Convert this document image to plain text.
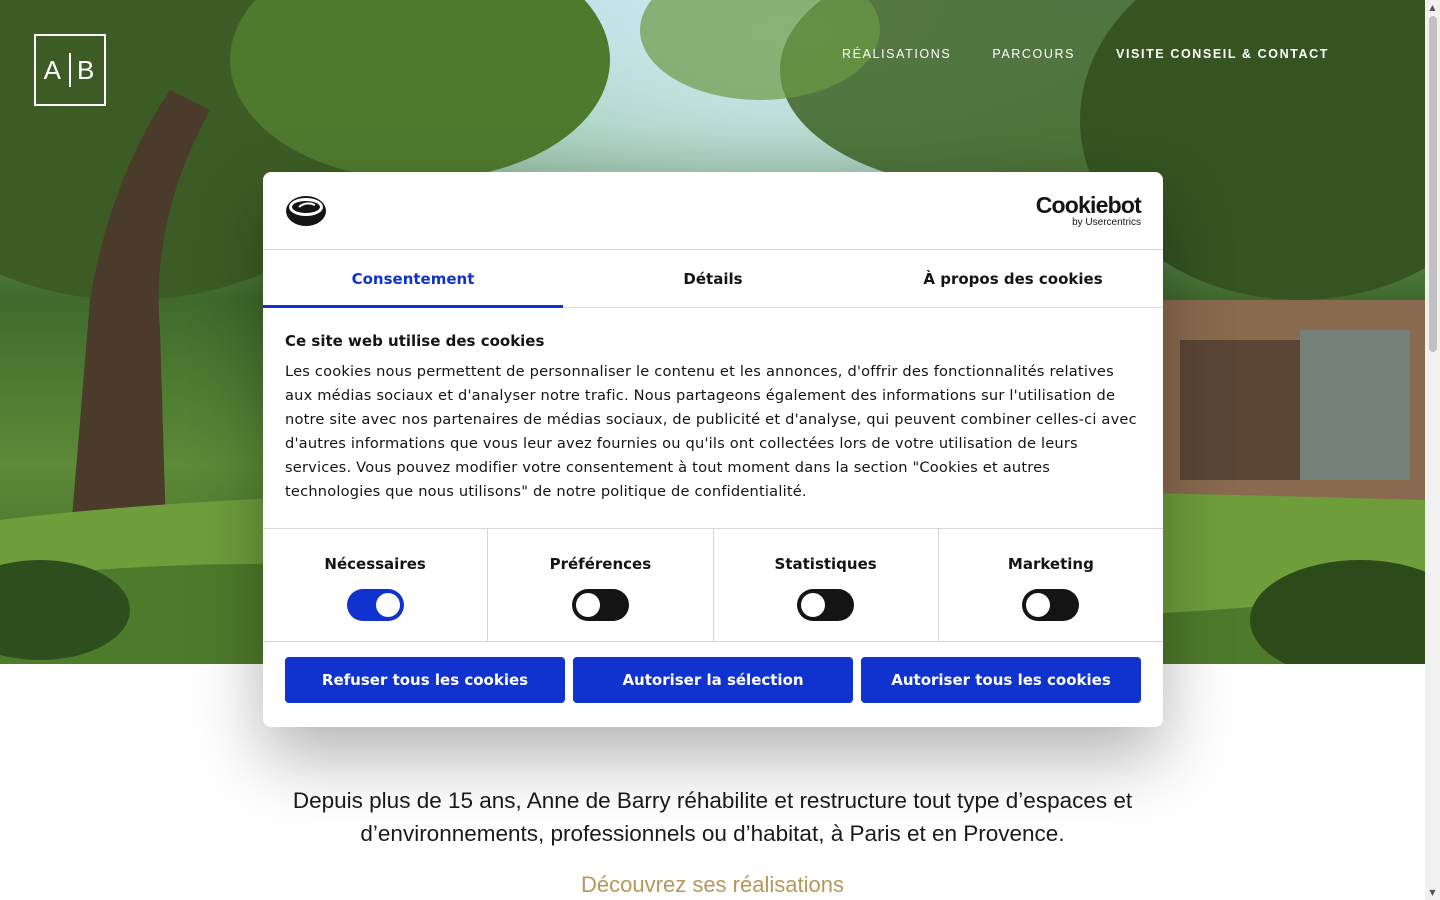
A B
RÉALISATIONS	PARCOURS	VISITE CONSEIL & CONTACT
Depuis plus de 15 ans, Anne de Barry réhabilite et restructure tout type d’espaces et d’environnements, professionnels ou d’habitat, à Paris et en Provence.
Découvrez ses réalisations
▲
▼
Cookiebot
by Usercentrics
Consentement	Détails	À propos des cookies
Ce site web utilise des cookies

Les cookies nous permettent de personnaliser le contenu et les annonces, d'offrir des fonctionnalités relatives aux médias sociaux et d'analyser notre trafic. Nous partageons également des informations sur l'utilisation de notre site avec nos partenaires de médias sociaux, de publicité et d'analyse, qui peuvent combiner celles-ci avec d'autres informations que vous leur avez fournies ou qu'ils ont collectées lors de votre utilisation de leurs services. Vous pouvez modifier votre consentement à tout moment dans la section "Cookies et autres technologies que nous utilisons" de notre politique de confidentialité.

Nécessaires	Préférences	Statistiques	Marketing
Refuser tous les cookies	Autoriser la sélection	Autoriser tous les cookies
